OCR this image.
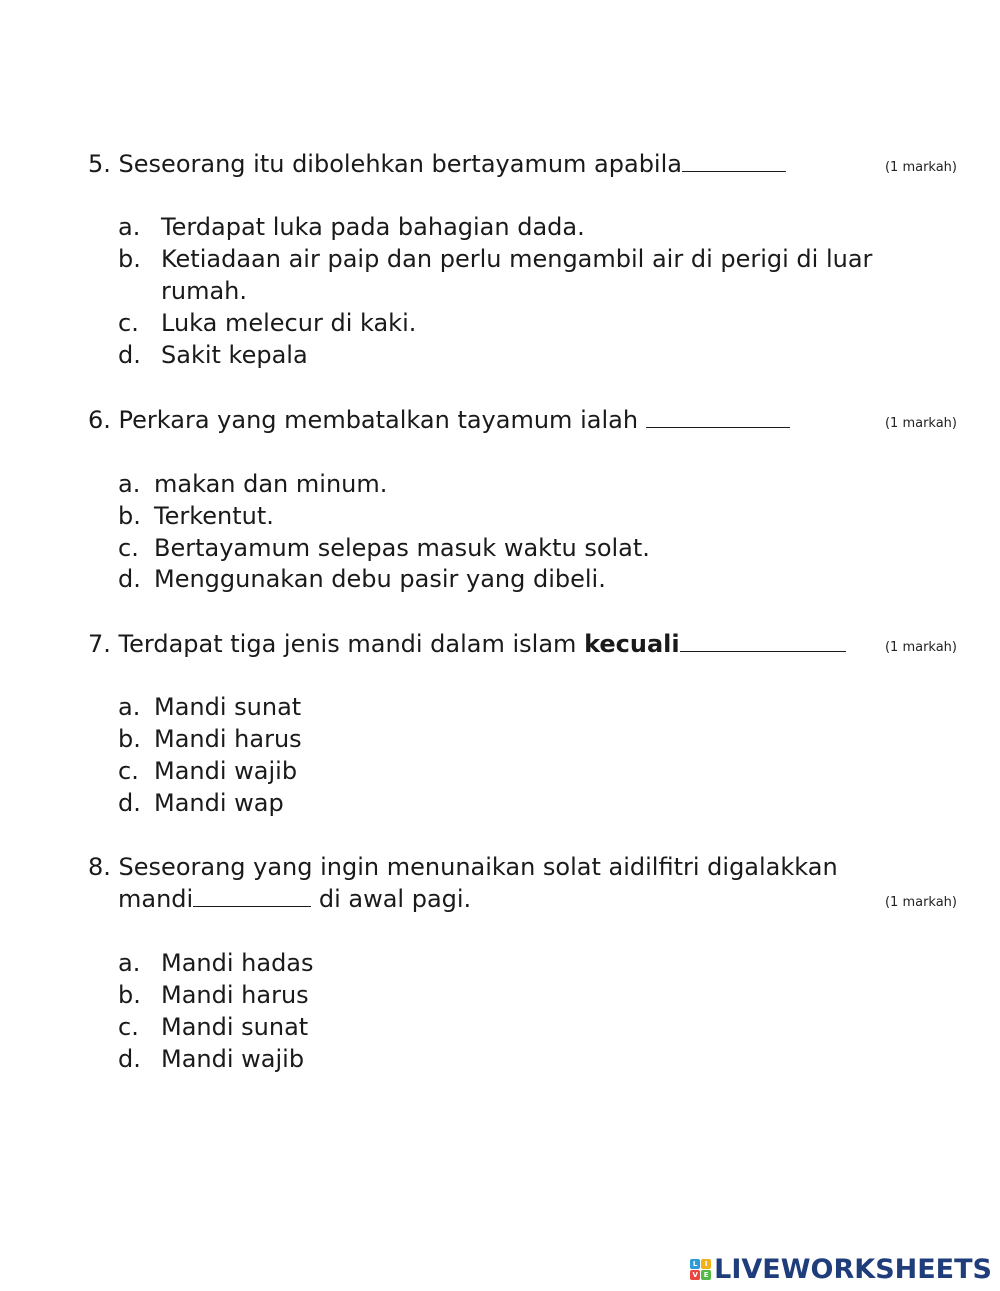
5. Seseorang itu dibolehkan bertayamum apabila	(1 markah)
a. Terdapat luka pada bahagian dada.
b. Ketiadaan air paip dan perlu mengambil air di perigi di luar
rumah.
c. Luka melecur di kaki.
d. Sakit kepala
6. Perkara yang membatalkan tayamum ialah	(1 markah)
a. makan dan minum.
b. Terkentut.
c. Bertayamum selepas masuk waktu solat.
d. Menggunakan debu pasir yang dibeli.
7. Terdapat tiga jenis mandi dalam islam kecuali	(1 markah)
a. Mandi sunat
b. Mandi harus
c. Mandi wajib
d. Mandi wap
8. Seseorang yang ingin menunaikan solat aidilfitri digalakkan
mandi	di awal pagi.	(1 markah)
a. Mandi hadas
b. Mandi harus
c. Mandi sunat
d. Mandi wajib
L	I
V E LIVEWORKSHEETS
